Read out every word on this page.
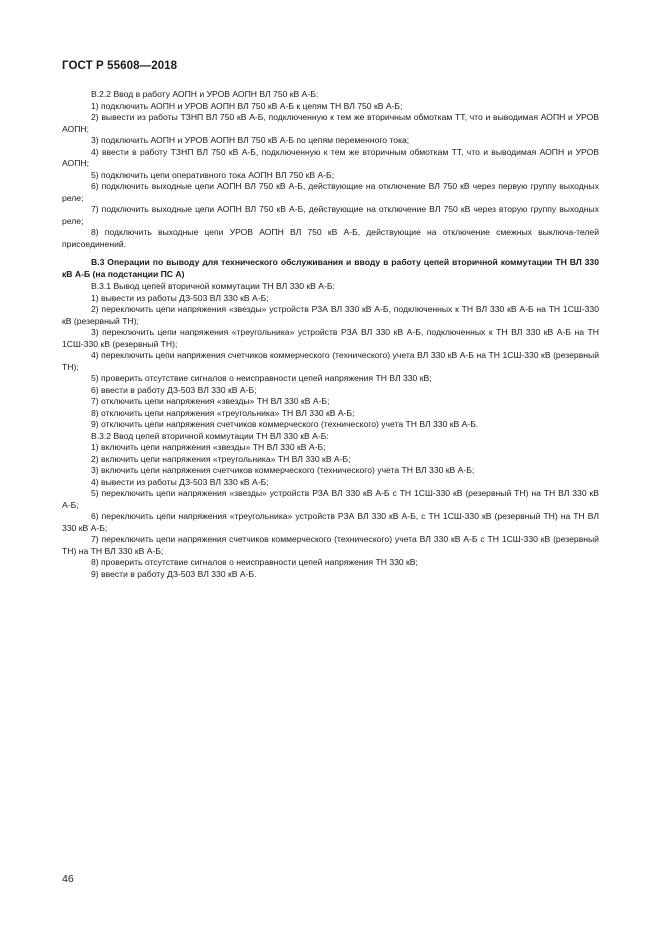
ГОСТ Р 55608—2018

В.2.2 Ввод в работу АОПН и УРОВ АОПН ВЛ 750 кВ А-Б:

1) подключить АОПН и УРОВ АОПН ВЛ 750 кВ А-Б к цепям ТН ВЛ 750 кВ А-Б;

2) вывести из работы ТЗНП ВЛ 750 кВ А-Б, подключенную к тем же вторичным обмоткам ТТ, что и выводимая АОПН и УРОВ АОПН;

3) подключить АОПН и УРОВ АОПН ВЛ 750 кВ А-Б по цепям переменного тока;

4) ввести в работу ТЗНП ВЛ 750 кВ А-Б, подключенную к тем же вторичным обмоткам ТТ, что и выводимая АОПН и УРОВ АОПН;

5) подключить цепи оперативного тока АОПН ВЛ 750 кВ А-Б;

6) подключить выходные цепи АОПН ВЛ 750 кВ А-Б, действующие на отключение ВЛ 750 кВ через первую группу выходных реле;

7) подключить выходные цепи АОПН ВЛ 750 кВ А-Б, действующие на отключение ВЛ 750 кВ через вторую группу выходных реле;

8) подключить выходные цепи УРОВ АОПН ВЛ 750 кВ А-Б, действующие на отключение смежных выключа-телей присоединений.

В.3 Операции по выводу для технического обслуживания и вводу в работу цепей вторичной коммутации ТН ВЛ 330 кВ А-Б (на подстанции ПС А)

В.3.1 Вывод цепей вторичной коммутации ТН ВЛ 330 кВ А-Б:

1) вывести из работы ДЗ-503 ВЛ 330 кВ А-Б;

2) переключить цепи напряжения «звезды» устройств РЗА ВЛ 330 кВ А-Б, подключенных к ТН ВЛ 330 кВ А-Б на ТН 1СШ-330 кВ (резервный ТН);

3) переключить цепи напряжения «треугольника» устройств РЗА ВЛ 330 кВ А-Б, подключенных к ТН ВЛ 330 кВ А-Б на ТН 1СШ-330 кВ (резервный ТН);

4) переключить цепи напряжения счетчиков коммерческого (технического) учета ВЛ 330 кВ А-Б на ТН 1СШ-330 кВ (резервный ТН);

5) проверить отсутствие сигналов о неисправности цепей напряжения ТН ВЛ 330 кВ;

6) ввести в работу ДЗ-503 ВЛ 330 кВ А-Б;

7) отключить цепи напряжения «звезды» ТН ВЛ 330 кВ А-Б;

8) отключить цепи напряжения «треугольника» ТН ВЛ 330 кВ А-Б;

9) отключить цепи напряжения счетчиков коммерческого (технического) учета ТН ВЛ 330 кВ А-Б.

В.3.2 Ввод цепей вторичной коммутации ТН ВЛ 330 кВ А-Б:

1) включить цепи напряжения «звезды» ТН ВЛ 330 кВ А-Б;

2) включить цепи напряжения «треугольника» ТН ВЛ 330 кВ А-Б;

3) включить цепи напряжения счетчиков коммерческого (технического) учета ТН ВЛ 330 кВ А-Б;

4) вывести из работы ДЗ-503 ВЛ 330 кВ А-Б;

5) переключить цепи напряжения «звезды» устройств РЗА ВЛ 330 кВ А-Б с ТН 1СШ-330 кВ (резервный ТН) на ТН ВЛ 330 кВ А-Б;

6) переключить цепи напряжения «треугольника» устройств РЗА ВЛ 330 кВ А-Б, с ТН 1СШ-330 кВ (резервный ТН) на ТН ВЛ 330 кВ А-Б;

7) переключить цепи напряжения счетчиков коммерческого (технического) учета ВЛ 330 кВ А-Б с ТН 1СШ-330 кВ (резервный ТН) на ТН ВЛ 330 кВ А-Б;

8) проверить отсутствие сигналов о неисправности цепей напряжения ТН 330 кВ;

9) ввести в работу ДЗ-503 ВЛ 330 кВ А-Б.

46
